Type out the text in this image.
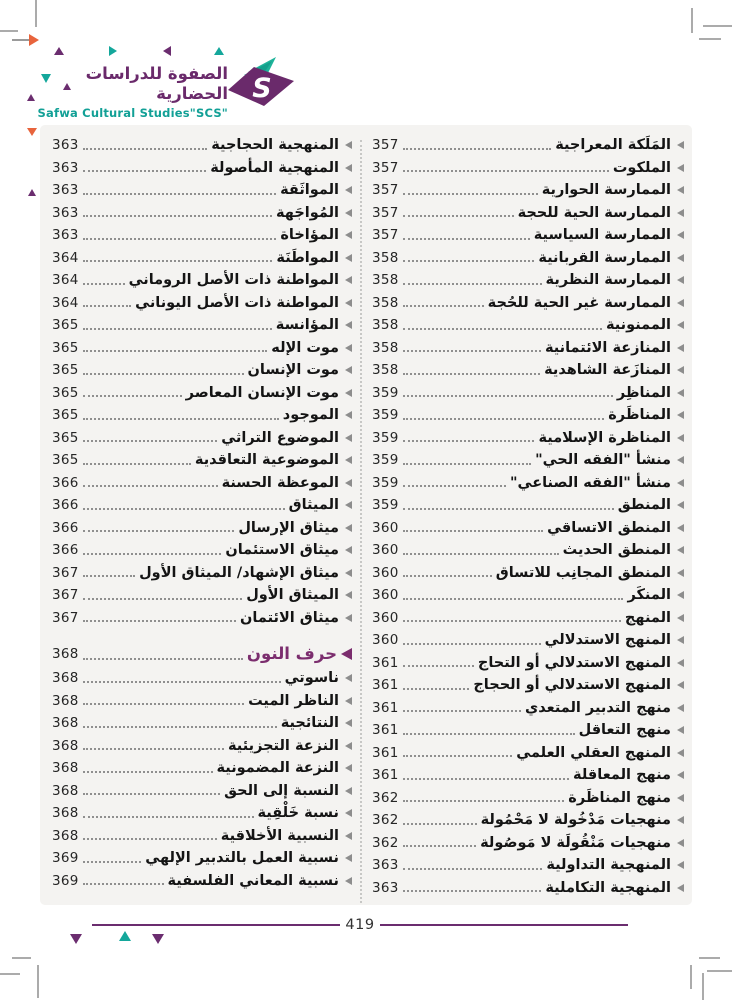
الصفوة للدراسات الحضارية
Safwa Cultural Studies"SCS"
S
357	المَلَكة المعراجية
357	الملكوت
357	الممارسة الحوارية
357	الممارسة الحية للحجة
357	الممارسة السياسية
358	الممارسة القربانية
358	الممارسة النظرية
358	الممارسة غير الحية للحُجة
358	الممنونية
358	المنازعة الائتمانية
358	المنازَعة الشاهدية
359	المناظِر
359	المناظَرة
359	المناظرة الإسلامية
359	منشأ "الفقه الحي"
359	منشأ "الفقه الصناعي"
359	المنطق
360	المنطق الاتساقي
360	المنطق الحديث
360	المنطق المجانِب للاتساق
360	المنكَر
360	المنهج
360	المنهج الاستدلالي
361	المنهج الاستدلالي أو التحاج
361	المنهج الاستدلالي أو الحجاج
361	منهج التدبير المتعدي
361	منهج التعاقل
361	المنهج العقلي العلمي
361	منهج المعاقلة
362	منهج المناظَرة
362	منهجيات مَدْخُولة لا مَحْمُولة
362	منهجيات مَنْقُولَة لا مَوصُولة
363	المنهجية التداولية
363	المنهجية التكاملية
363	المنهجية الحجاجية
363	المنهجية المأصولة
363	المواثَقة
363	المُواجَهة
363	المؤاخاة
364	المواطَنَة
364	المواطنة ذات الأصل الروماني
364	المواطنة ذات الأصل اليوناني
365	المؤانسة
365	موت الإله
365	موت الإنسان
365	موت الإنسان المعاصر
365	الموجود
365	الموضوع التراثي
365	الموضوعية التعاقدية
366	الموعظة الحسنة
366	الميثاق
366	ميثاق الإرسال
366	ميثاق الاستئمان
367	ميثاق الإشهاد/ الميثاق الأول
367	الميثاق الأول
367	ميثاق الائتمان
368	حرف النون
368	ناسوتي
368	الناظر الميت
368	النتائجية
368	النزعة التجزيئية
368	النزعة المضمونية
368	النسبة إلى الحق
368	نسبة خَلْقِية
368	النسبية الأخلاقية
369	نسبية العمل بالتدبير الإلهي
369	نسبية المعاني الفلسفية
419
